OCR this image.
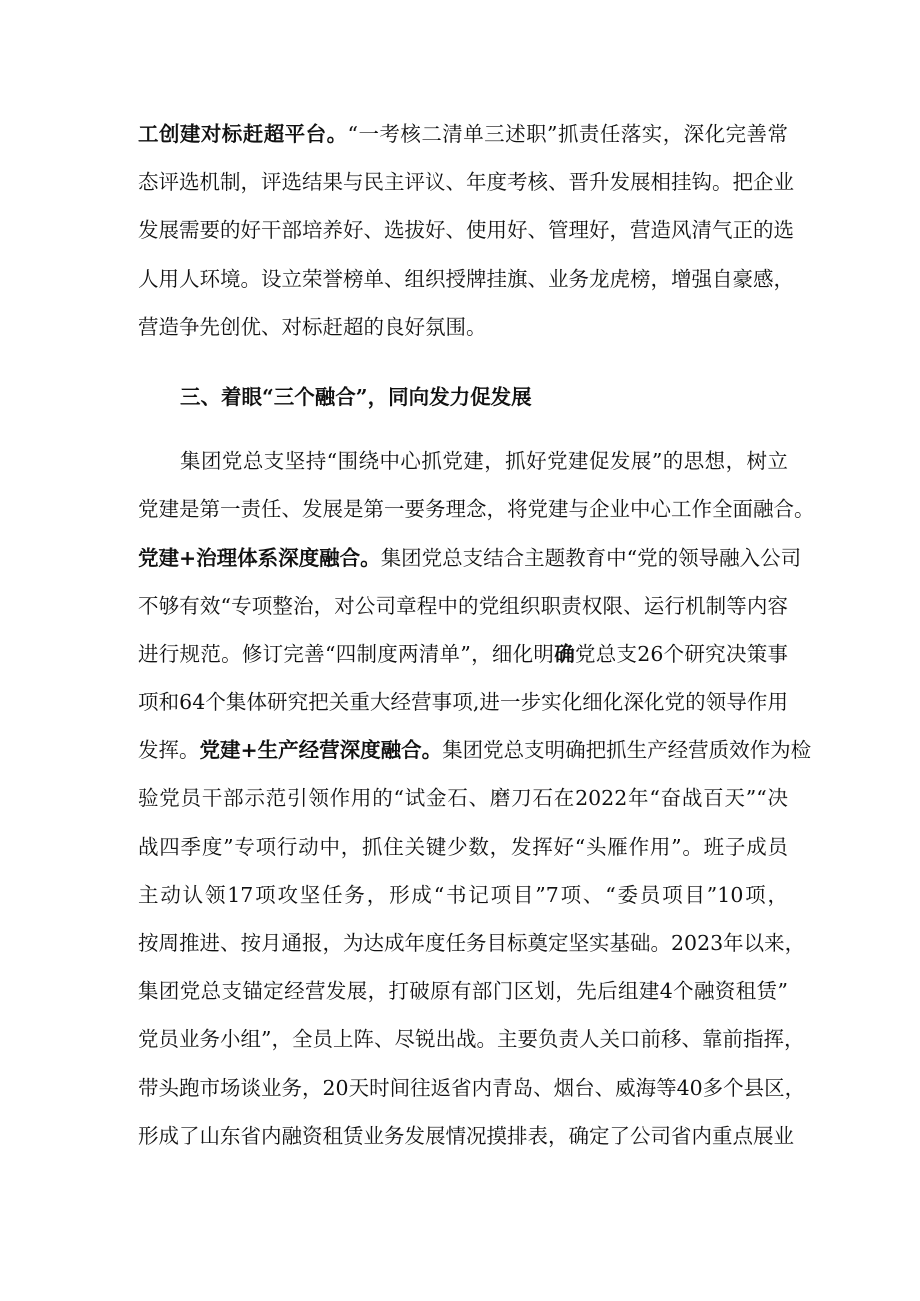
工创建对标赶超平台。“一考核二清单三述职”抓责任落实，深化完善常
态评选机制，评选结果与民主评议、年度考核、晋升发展相挂钩。把企业
发展需要的好干部培养好、选拔好、使用好、管理好，营造风清气正的选
人用人环境。设立荣誉榜单、组织授牌挂旗、业务龙虎榜，增强自豪感，
营造争先创优、对标赶超的良好氛围。
三、着眼“三个融合”，同向发力促发展
集团党总支坚持“围绕中心抓党建，抓好党建促发展”的思想，树立
党建是第一责任、发展是第一要务理念，将党建与企业中心工作全面融合。
党建+治理体系深度融合。集团党总支结合主题教育中“党的领导融入公司
不够有效“专项整治，对公司章程中的党组织职责权限、运行机制等内容
进行规范。修订完善“四制度两清单”，细化明确党总支26个研究决策事
项和64个集体研究把关重大经营事项,进一步实化细化深化党的领导作用
发挥。党建+生产经营深度融合。集团党总支明确把抓生产经营质效作为检
验党员干部示范引领作用的“试金石、磨刀石在2022年“奋战百天”“决
战四季度”专项行动中，抓住关键少数，发挥好“头雁作用”。班子成员
主动认领17项攻坚任务，形成“书记项目”7项、“委员项目”10项，
按周推进、按月通报，为达成年度任务目标奠定坚实基础。2023年以来，
集团党总支锚定经营发展，打破原有部门区划，先后组建4个融资租赁”
党员业务小组”，全员上阵、尽锐出战。主要负责人关口前移、靠前指挥，
带头跑市场谈业务，20天时间往返省内青岛、烟台、威海等40多个县区，
形成了山东省内融资租赁业务发展情况摸排表，确定了公司省内重点展业
